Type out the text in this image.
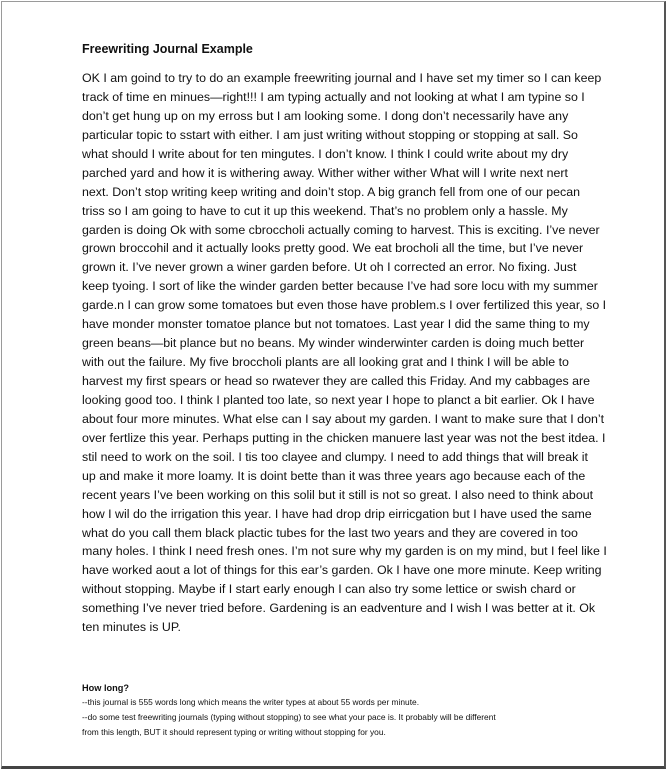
Freewriting Journal Example
OK I am goind to try to do an example freewriting journal and I have set my timer so I can keep
track of time en minues—right!!! I am typing actually and not looking at what I am typine so I
don’t get hung up on my erross but I am looking some. I dong don’t necessarily have any
particular topic to sstart with either. I am just writing without stopping or stopping at sall. So
what should I write about for ten mingutes. I don’t know. I think I could write about my dry
parched yard and how it is withering away. Wither wither wither What will I write next nert
next. Don’t stop writing keep writing and doin’t stop. A big granch fell from one of our pecan
triss so I am going to have to cut it up this weekend. That’s no problem only a hassle. My
garden is doing Ok with some cbroccholi actually coming to harvest. This is exciting. I’ve never
grown broccohil and it actually looks pretty good. We eat brocholi all the time, but I’ve never
grown it. I’ve never grown a winer garden before. Ut oh I corrected an error. No fixing. Just
keep tyoing. I sort of like the winder garden better because I’ve had sore locu with my summer
garde.n I can grow some tomatoes but even those have problem.s I over fertilized this year, so I
have monder monster tomatoe plance but not tomatoes. Last year I did the same thing to my
green beans—bit plance but no beans. My winder winderwinter carden is doing much better
with out the failure. My five broccholi plants are all looking grat and I think I will be able to
harvest my first spears or head so rwatever they are called this Friday. And my cabbages are
looking good too. I think I planted too late, so next year I hope to planct a bit earlier. Ok I have
about four more minutes. What else can I say about my garden. I want to make sure that I don’t
over fertlize this year. Perhaps putting in the chicken manuere last year was not the best itdea. I
stil need to work on the soil. I tis too clayee and clumpy. I need to add things that will break it
up and make it more loamy. It is doint bette than it was three years ago because each of the
recent years I’ve been working on this solil but it still is not so great. I also need to think about
how I wil do the irrigation this year. I have had drop drip eirricgation but I have used the same
what do you call them black plactic tubes for the last two years and they are covered in too
many holes. I think I need fresh ones. I’m not sure why my garden is on my mind, but I feel like I
have worked aout a lot of things for this ear’s garden. Ok I have one more minute. Keep writing
without stopping. Maybe if I start early enough I can also try some lettice or swish chard or
something I’ve never tried before. Gardening is an eadventure and I wish I was better at it. Ok
ten minutes is UP.
How long?
--this journal is 555 words long which means the writer types at about 55 words per minute.
--do some test freewriting journals (typing without stopping) to see what your pace is. It probably will be different
from this length, BUT it should represent typing or writing without stopping for you.
